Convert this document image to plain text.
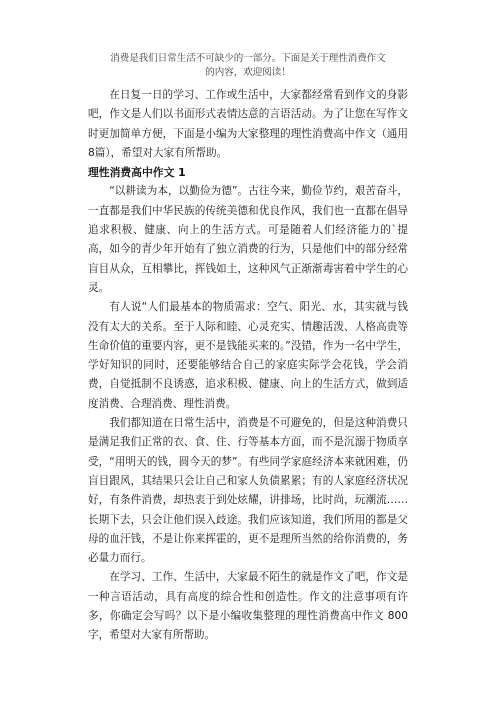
消费是我们日常生活不可缺少的一部分。下面是关于理性消费作文的内容，欢迎阅读！

在日复一日的学习、工作或生活中，大家都经常看到作文的身影吧，作文是人们以书面形式表情达意的言语活动。为了让您在写作文时更加简单方便，下面是小编为大家整理的理性消费高中作文（通用8篇），希望对大家有所帮助。

理性消费高中作文 1

“以耕读为本，以勤俭为德”。古往今来，勤俭节约，艰苦奋斗，一直都是我们中华民族的传统美德和优良作风，我们也一直都在倡导追求积极、健康、向上的生活方式。可是随着人们经济能力的`提高，如今的青少年开始有了独立消费的行为，只是他们中的部分经常盲目从众，互相攀比，挥钱如土，这种风气正渐渐毒害着中学生的心灵。

有人说“人们最基本的物质需求：空气、阳光、水，其实就与钱没有太大的关系。至于人际和睦、心灵充实、情趣活泼、人格高贵等生命价值的重要内容，更不是钱能买来的。”没错，作为一名中学生，学好知识的同时，还要能够结合自己的家庭实际学会花钱，学会消费，自觉抵制不良诱惑，追求积极、健康、向上的生活方式，做到适度消费、合理消费、理性消费。

我们都知道在日常生活中，消费是不可避免的，但是这种消费只是满足我们正常的衣、食、住、行等基本方面，而不是沉溺于物质享受，“用明天的钱，圆今天的梦”。有些同学家庭经济本来就困难，仍盲目跟风，其结果只会让自己和家人负债累累；有的人家庭经济状况好，有条件消费，却热衷于到处炫耀，讲排场，比时尚，玩潮流……长期下去，只会让他们误入歧途。我们应该知道，我们所用的都是父母的血汗钱，不是让你来挥霍的，更不是理所当然的给你消费的，务必量力而行。

在学习、工作、生活中，大家最不陌生的就是作文了吧，作文是一种言语活动，具有高度的综合性和创造性。作文的注意事项有许多，你确定会写吗？以下是小编收集整理的理性消费高中作文 800 字，希望对大家有所帮助。
